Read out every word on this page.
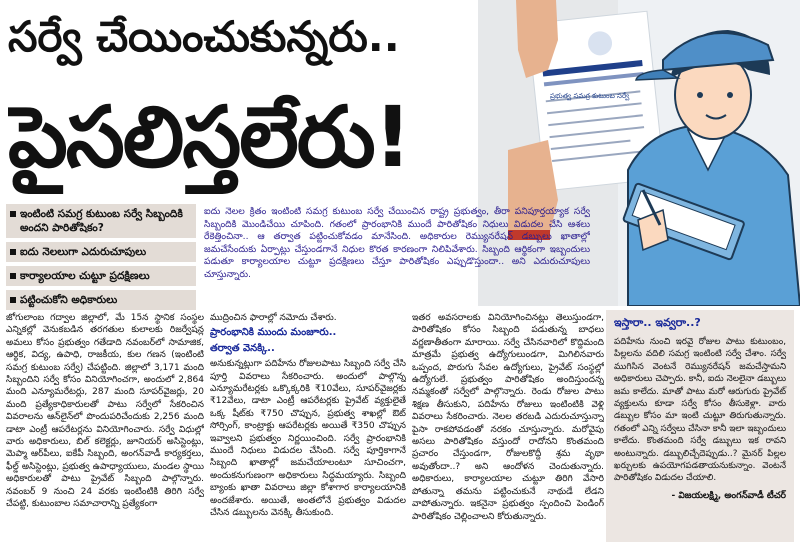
సర్వే చేయించుకున్నరు..
పైసలిస్తలేరు!	ప్రభుత్వ సమగ్ర కుటుంబ సర్వే
ఇంటింటి సమగ్ర కుటుంబ సర్వే సిబ్బందికి అందని పారితోషికం?
ఐదు నెలలుగా ఎదురుచూపులు
కార్యాలయాల చుట్టూ ప్రదక్షిణలు
పట్టించుకోని అధికారులు
ఐదు నెలల క్రితం ఇంటింటి సమగ్ర కుటుంబ సర్వే చేయించిన రాష్ట్ర ప్రభుత్వం, తీరా పనిపూర్తయ్యాక సర్వే సిబ్బందికి మొండిచేయి చూపింది. గతంలో ప్రారంభానికి ముందే పారితోషికం నిధులు విడుదల చేసి ఆశలు రేకెత్తించినా.. ఆ తర్వాత పట్టించుకోవడం మానేసింది. అధికారుల రెమ్యునరేషన్ డబ్బులు ఖాతాల్లో జమచేసేందుకు ఏర్పాట్లు చేస్తుండగానే నిధుల కొరత కారణంగా నిలిపివేశారు. సిబ్బంది ఆర్థికంగా ఇబ్బందులు పడుతూ కార్యాలయాల చుట్టూ ప్రదక్షిణలు చేస్తూ పారితోషికం ఎప్పుడొస్తుందా.. అని ఎదురుచూపులు చూస్తున్నారు.
జోగులాంబ గద్వాల జిల్లాలో, మే 15న స్థానిక సంస్థల ఎన్నికల్లో వెనుకబడిన తరగతుల కులాలకు రిజర్వేషన్ల అమలు కోసం ప్రభుత్వం గతేడాది నవంబర్‌లో సామాజిక, ఆర్థిక, విద్య, ఉపాధి, రాజకీయ, కుల గణన (ఇంటింటి సమగ్ర కుటుంబ సర్వే) చేపట్టింది. జిల్లాలో 3,171 మంది సిబ్బందిని సర్వే కోసం వినియోగించగా, అందులో 2,864 మంది ఎన్యూమరేటర్లు, 287 మంది సూపర్‌వైజర్లు, 20 మంది ప్రత్యేకాధికారులతో పాటు సర్వేలో సేకరించిన వివరాలను ఆన్‌లైన్‌లో పొందుపరిచేందుకు 2,256 మంది డాటా ఎంట్రీ ఆపరేటర్లను వినియోగించారు. సర్వే విధుల్లో వారు అధికారులు, బిల్ కలెక్టర్లు, జూనియర్ అసిస్టెంట్లు, మెప్మా ఆర్‌పీలు, ఐకేపీ సిబ్బంది, అంగన్‌వాడీ కార్యకర్తలు, ఫీల్డ్ అసిస్టెంట్లు, ప్రభుత్వ ఉపాధ్యాయులు, మండల స్థాయి అధికారులతో పాటు ప్రైవేట్ సిబ్బంది పాల్గొన్నారు. నవంబర్ 9 నుంచి 24 వరకు ఇంటింటికి తిరిగి సర్వే చేపట్టి, కుటుంబాల సమాచారాన్ని ప్రత్యేకంగా
ముద్రించిన ఫారాల్లో నమోదు చేశారు.
ప్రారంభానికి ముందు మంజూరు..
తర్వాత వెనక్కి..
అనుకున్నట్లుగా పదిహేను రోజులపాటు సిబ్బంది సర్వే చేసి పూర్తి వివరాలు సేకరించారు. అందులో పాల్గొన్న ఎన్యూమరేటర్లకు ఒక్కొక్కరికి ₹10వేలు, సూపర్‌వైజర్లకు ₹12వేలు, డాటా ఎంట్రీ ఆపరేటర్లకు ప్రైవేట్ వ్యక్తులైతే ఒక్క షీట్‌కు ₹750 చొప్పున, ప్రభుత్వ శాఖల్లో ఔట్ సోర్సింగ్, కాంట్రాక్టు ఆపరేటర్లకు అయితే ₹350 చొప్పున ఇవ్వాలని ప్రభుత్వం నిర్ణయించింది. సర్వే ప్రారంభానికి ముందే నిధులు విడుదల చేసింది. సర్వే పూర్తికాగానే సిబ్బంది ఖాతాల్లో జమచేయాలంటూ సూచించగా, అందుకనుగుణంగా అధికారులు సిద్ధమయ్యారు. సిబ్బంది బ్యాంకు ఖాతా వివరాలు జిల్లా కోశాగార కార్యాలయానికి అందజేశారు. అయితే, అంతలోనే ప్రభుత్వం విడుదల చేసిన డబ్బులను వెనక్కి తీసుకుంది.
ఇతర అవసరాలకు వినియోగించినట్లు తెలుస్తుండగా, పారితోషికం కోసం సిబ్బంది పడుతున్న బాధలు వర్ణణాతీతంగా మారాయి. సర్వే చేసినవారిలో కొద్దిమంది మాత్రమే ప్రభుత్వ ఉద్యోగులుండగా, మిగిలినవారు ఒప్పంద, పొరుగు సేవల ఉద్యోగులు, ప్రైవేట్ సంస్థల్లో ఉద్యోగులే. ప్రభుత్వం పారితోషికం అందిస్తుందన్న నమ్మకంతో సర్వేలో పాల్గొన్నారు. రెండు రోజుల పాటు శిక్షణ తీసుకుని, పదిహేను రోజులు ఇంటింటికి వెళ్లి వివరాలు సేకరించారు. నెలల తరబడి ఎదురుచూస్తున్నా పైసా రాకపోవడంతో నరకం చూస్తున్నారు. మరోవైపు అసలు పారితోషికం వస్తుందో రాదోనని కొంతమంది ప్రచారం చేస్తుండగా, రోజులకొద్దీ శ్రమ వృథా అవుతోందా..? అని ఆందోళన చెందుతున్నారు. అధికారులు, కార్యాలయాల చుట్టూ తిరిగి వేసారి పోతున్నా తమను పట్టించుకునే నాథుడే లేడని వాపోతున్నారు. ఇకనైనా ప్రభుత్వం స్పందించి పెండింగ్ పారితోషికం చెల్లించాలని కోరుతున్నారు.
ఇస్తారా.. ఇవ్వరా..?
పదిహేను నుంచి ఇరవై రోజుల పాటు కుటుంబం, పిల్లలను వదిలి సమగ్ర ఇంటింటి సర్వే చేశాం. సర్వే ముగిసిన వెంటనే రెమ్యునరేషన్ జమచేస్తామని అధికారులు చెప్పారు. కానీ, ఐదు నెలలైనా డబ్బులు జమ కాలేదు. మాతో పాటు మరో ఆరుగురు ప్రైవేట్ వ్యక్తులను కూడా సర్వే కోసం తీసుకెళ్లా. వారు డబ్బుల కోసం మా ఇంటి చుట్టూ తిరుగుతున్నారు. గతంలో ఎన్ని సర్వేలు చేసినా కానీ ఇలా ఇబ్బందులు కాలేదు. కొంతమంది సర్వే డబ్బులు ఇక రావని అంటున్నారు. డబ్బులిచ్చేదెప్పుడు..? మైనర్ పిల్లల ఖర్చులకు ఉపయోగపడతాయనుకున్నాం. వెంటనే పారితోషికం విడుదల చేయాలి.
- విజయలక్ష్మి, అంగన్‌వాడీ టీచర్
